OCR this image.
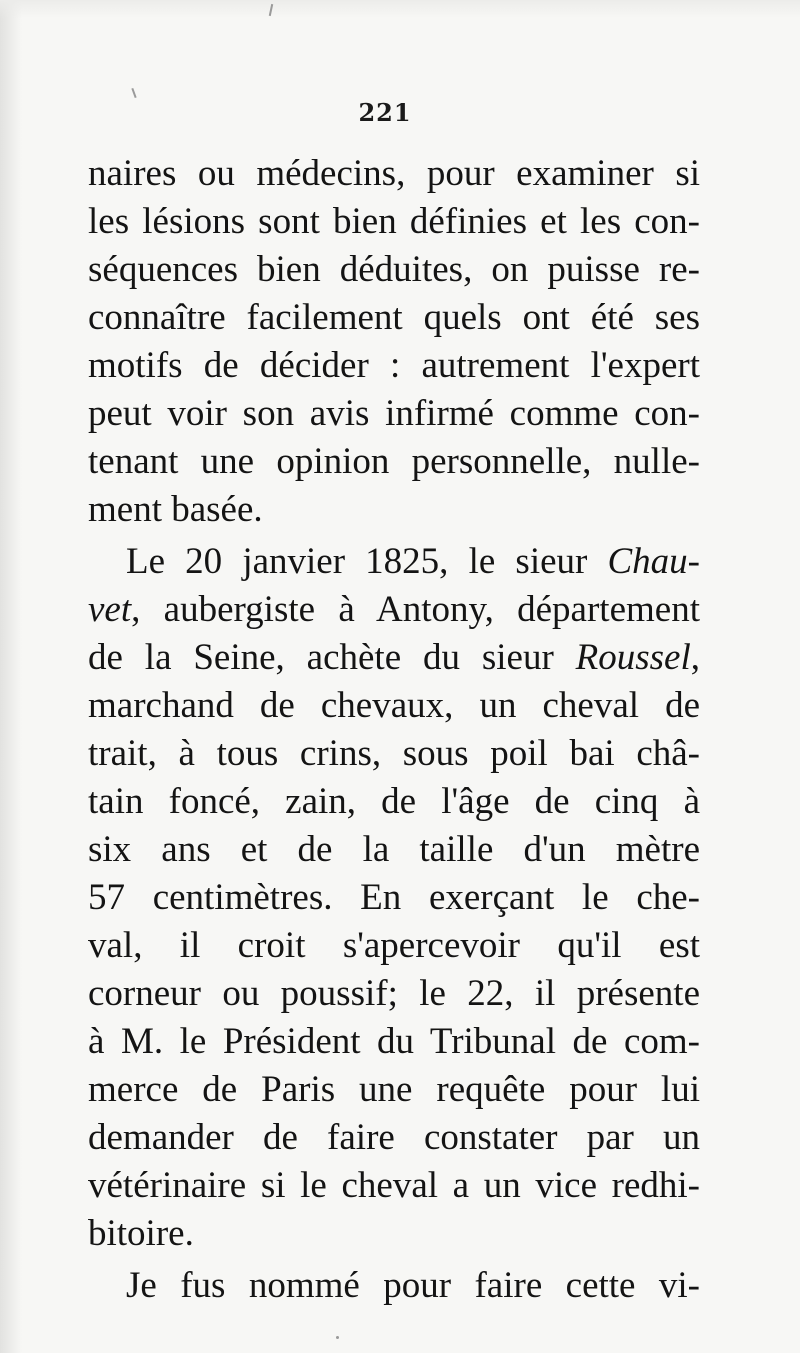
221
naires ou médecins, pour examiner si
les lésions sont bien définies et les con-
séquences bien déduites, on puisse re-
connaître facilement quels ont été ses
motifs de décider : autrement l'expert
peut voir son avis infirmé comme con-
tenant une opinion personnelle, nulle-
ment basée.
Le 20 janvier 1825, le sieur Chau-
vet, aubergiste à Antony, département
de la Seine, achète du sieur Roussel,
marchand de chevaux, un cheval de
trait, à tous crins, sous poil bai châ-
tain foncé, zain, de l'âge de cinq à
six ans et de la taille d'un mètre
57 centimètres. En exerçant le che-
val, il croit s'apercevoir qu'il est
corneur ou poussif; le 22, il présente
à M. le Président du Tribunal de com-
merce de Paris une requête pour lui
demander de faire constater par un
vétérinaire si le cheval a un vice redhi-
bitoire.
Je fus nommé pour faire cette vi-
